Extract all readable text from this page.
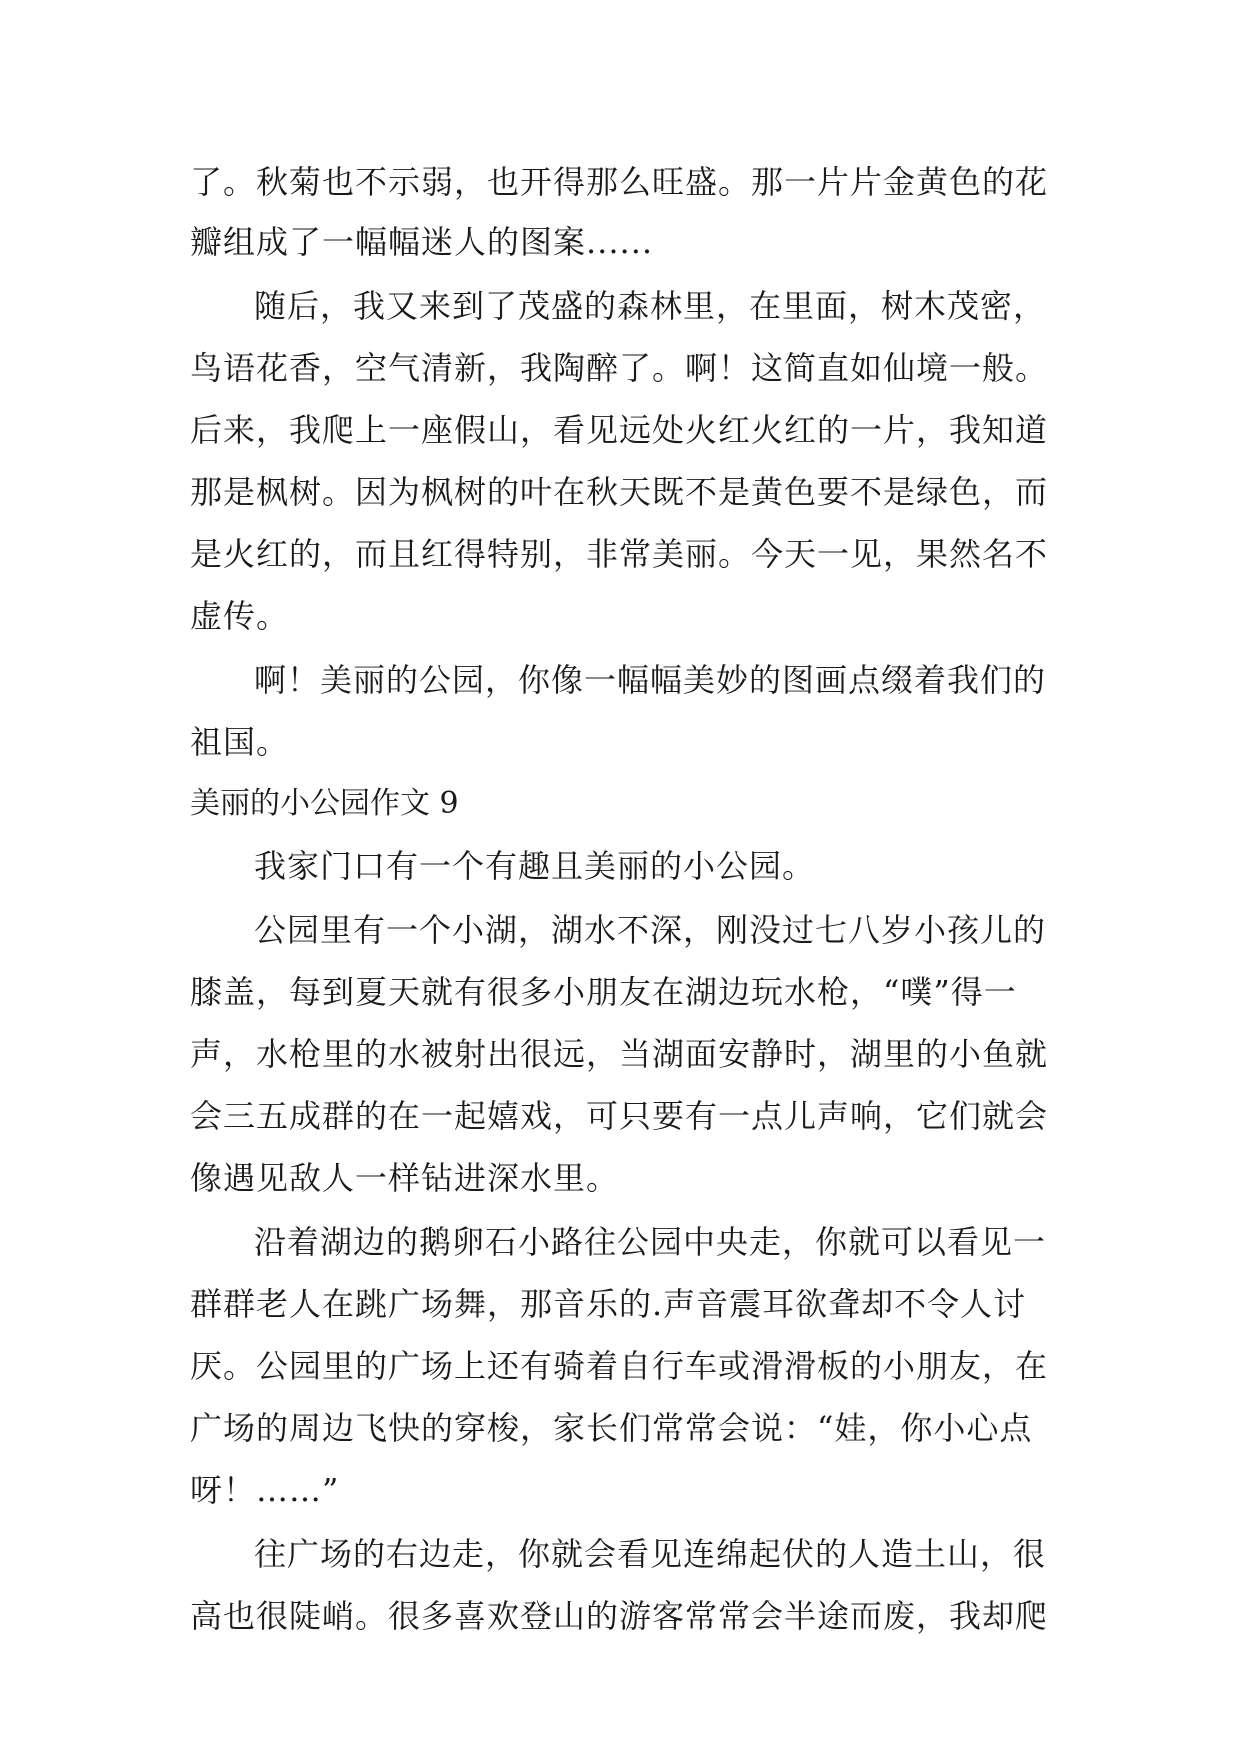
了。秋菊也不示弱，也开得那么旺盛。那一片片金黄色的花
瓣组成了一幅幅迷人的图案......
随后，我又来到了茂盛的森林里，在里面，树木茂密，
鸟语花香，空气清新，我陶醉了。啊！这简直如仙境一般。
后来，我爬上一座假山，看见远处火红火红的一片，我知道
那是枫树。因为枫树的叶在秋天既不是黄色要不是绿色，而
是火红的，而且红得特别，非常美丽。今天一见，果然名不
虚传。
啊！美丽的公园，你像一幅幅美妙的图画点缀着我们的
祖国。
美丽的小公园作文 9
我家门口有一个有趣且美丽的小公园。
公园里有一个小湖，湖水不深，刚没过七八岁小孩儿的
膝盖，每到夏天就有很多小朋友在湖边玩水枪，“噗”得一
声，水枪里的水被射出很远，当湖面安静时，湖里的小鱼就
会三五成群的在一起嬉戏，可只要有一点儿声响，它们就会
像遇见敌人一样钻进深水里。
沿着湖边的鹅卵石小路往公园中央走，你就可以看见一
群群老人在跳广场舞，那音乐的.声音震耳欲聋却不令人讨
厌。公园里的广场上还有骑着自行车或滑滑板的小朋友，在
广场的周边飞快的穿梭，家长们常常会说：“娃，你小心点
呀！……”
往广场的右边走，你就会看见连绵起伏的人造土山，很
高也很陡峭。很多喜欢登山的游客常常会半途而废，我却爬
